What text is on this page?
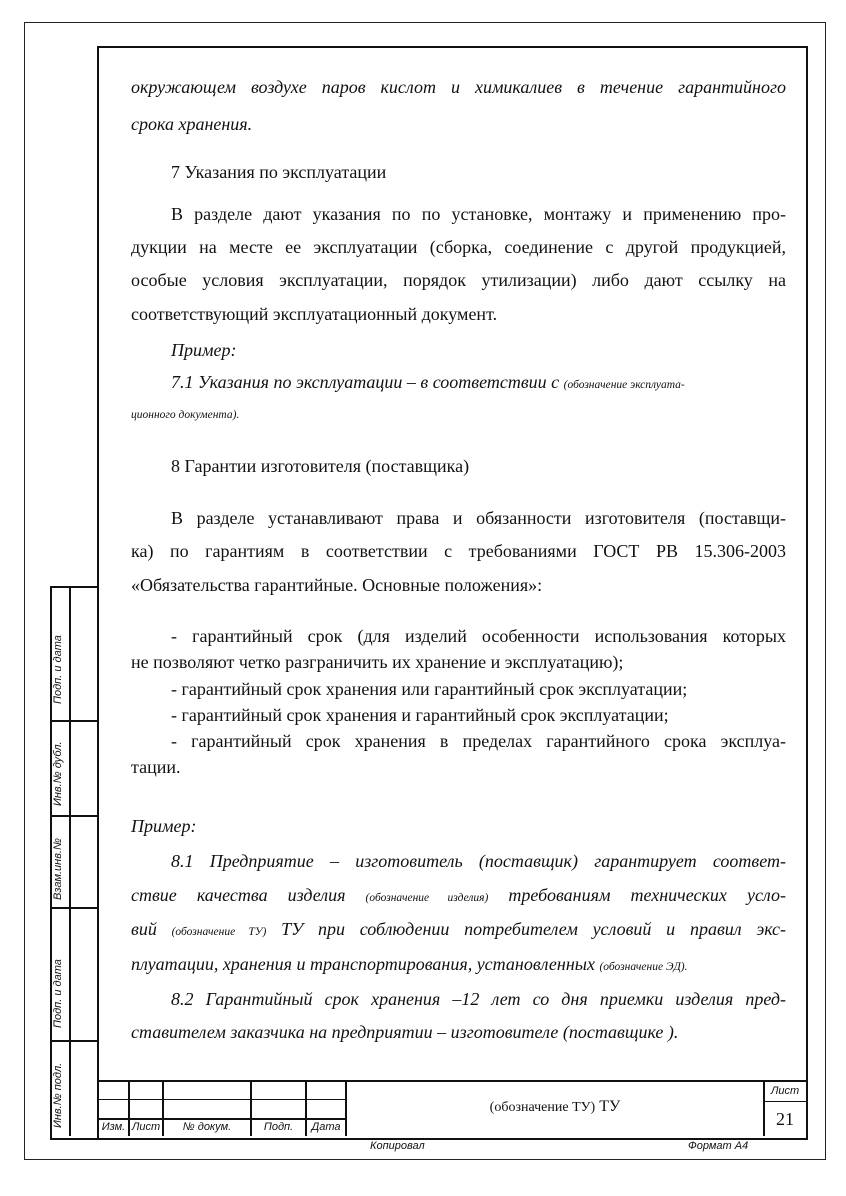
Подп. и дата
Инв.№ дубл.
Взам.инв.№
Подп. и дата
Инв.№ подл.
окружающем воздухе паров кислот и химикалиев в течение гарантийного
срока хранения.
7 Указания по эксплуатации
В разделе дают указания по по установке, монтажу и применению про-
дукции на месте ее эксплуатации (сборка, соединение с другой продукцией,
особые условия эксплуатации, порядок утилизации) либо дают ссылку на
соответствующий эксплуатационный документ.
Пример:
7.1 Указания по эксплуатации – в соответствии с (обозначение эксплуата-
ционного документа).
8 Гарантии изготовителя (поставщика)
В разделе устанавливают права и обязанности изготовителя (поставщи-
ка) по гарантиям в соответствии с требованиями ГОСТ РВ 15.306-2003
«Обязательства гарантийные. Основные положения»:
- гарантийный срок (для изделий особенности использования которых
не позволяют четко разграничить их хранение и эксплуатацию);
- гарантийный срок хранения или гарантийный срок эксплуатации;
- гарантийный срок хранения и гарантийный срок эксплуатации;
- гарантийный срок хранения в пределах гарантийного срока эксплуа-
тации.
Пример:
8.1 Предприятие – изготовитель (поставщик) гарантирует соответ-
ствие качества изделия (обозначение изделия) требованиям технических усло-
вий (обозначение ТУ) ТУ при соблюдении потребителем условий и правил экс-
плуатации, хранения и транспортирования, установленных (обозначение ЭД).
8.2 Гарантийный срок хранения –12 лет со дня приемки изделия пред-
ставителем заказчика на предприятии – изготовителе (поставщике ).
Изм. Лист	№ докум.	Подп.	Дата
(обозначение ТУ) ТУ
Лист
21
Копировал	Формат А4
